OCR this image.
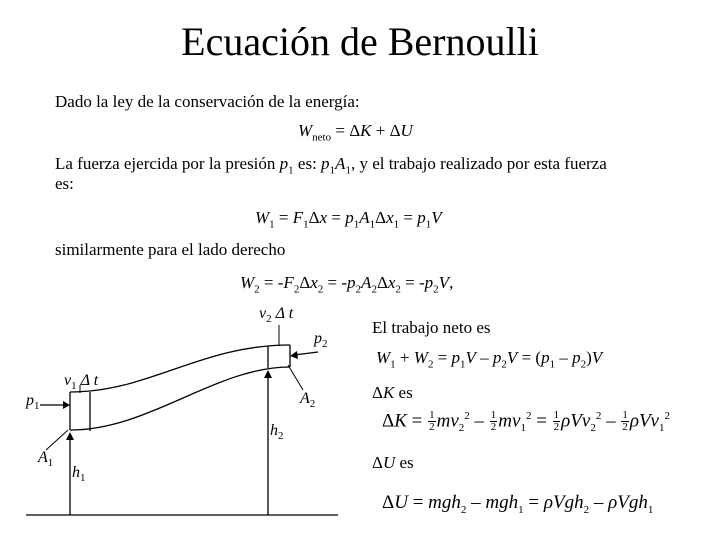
Ecuación de Bernoulli
Dado la ley de la conservación de la energía:
$W_{neto} = \Delta K + \Delta U$
La fuerza ejercida por la presión $p_1$ es: $p_1A_1$, y el trabajo realizado por esta fuerza
es:
$W_1 = F_1\Delta x = p_1A_1\Delta x_1 = p_1V$
similarmente para el lado derecho
$W_2 = -F_2\Delta x_2 = -p_2A_2\Delta x_2 = -p_2V$,
El trabajo neto es
$W_1 + W_2 = p_1V - p_2V = (p_1 - p_2)V$
ΔK es
$\Delta K = \frac{1}{2} mv_2^2 - \frac{1}{2} mv_1^2 = \frac{1}{2} \rho Vv_2^2 - \frac{1}{2} \rho Vv_1^2$
ΔU es
ΔU = mgh$_2$ – mgh$_1$ = ρVgh$_2$ – ρVgh$_1$
$v_2$ Δ t
$p_2$
$v_1$ Δ t
$p_1$	$A_2$
$h_2$
$A_1$
$h_1$
